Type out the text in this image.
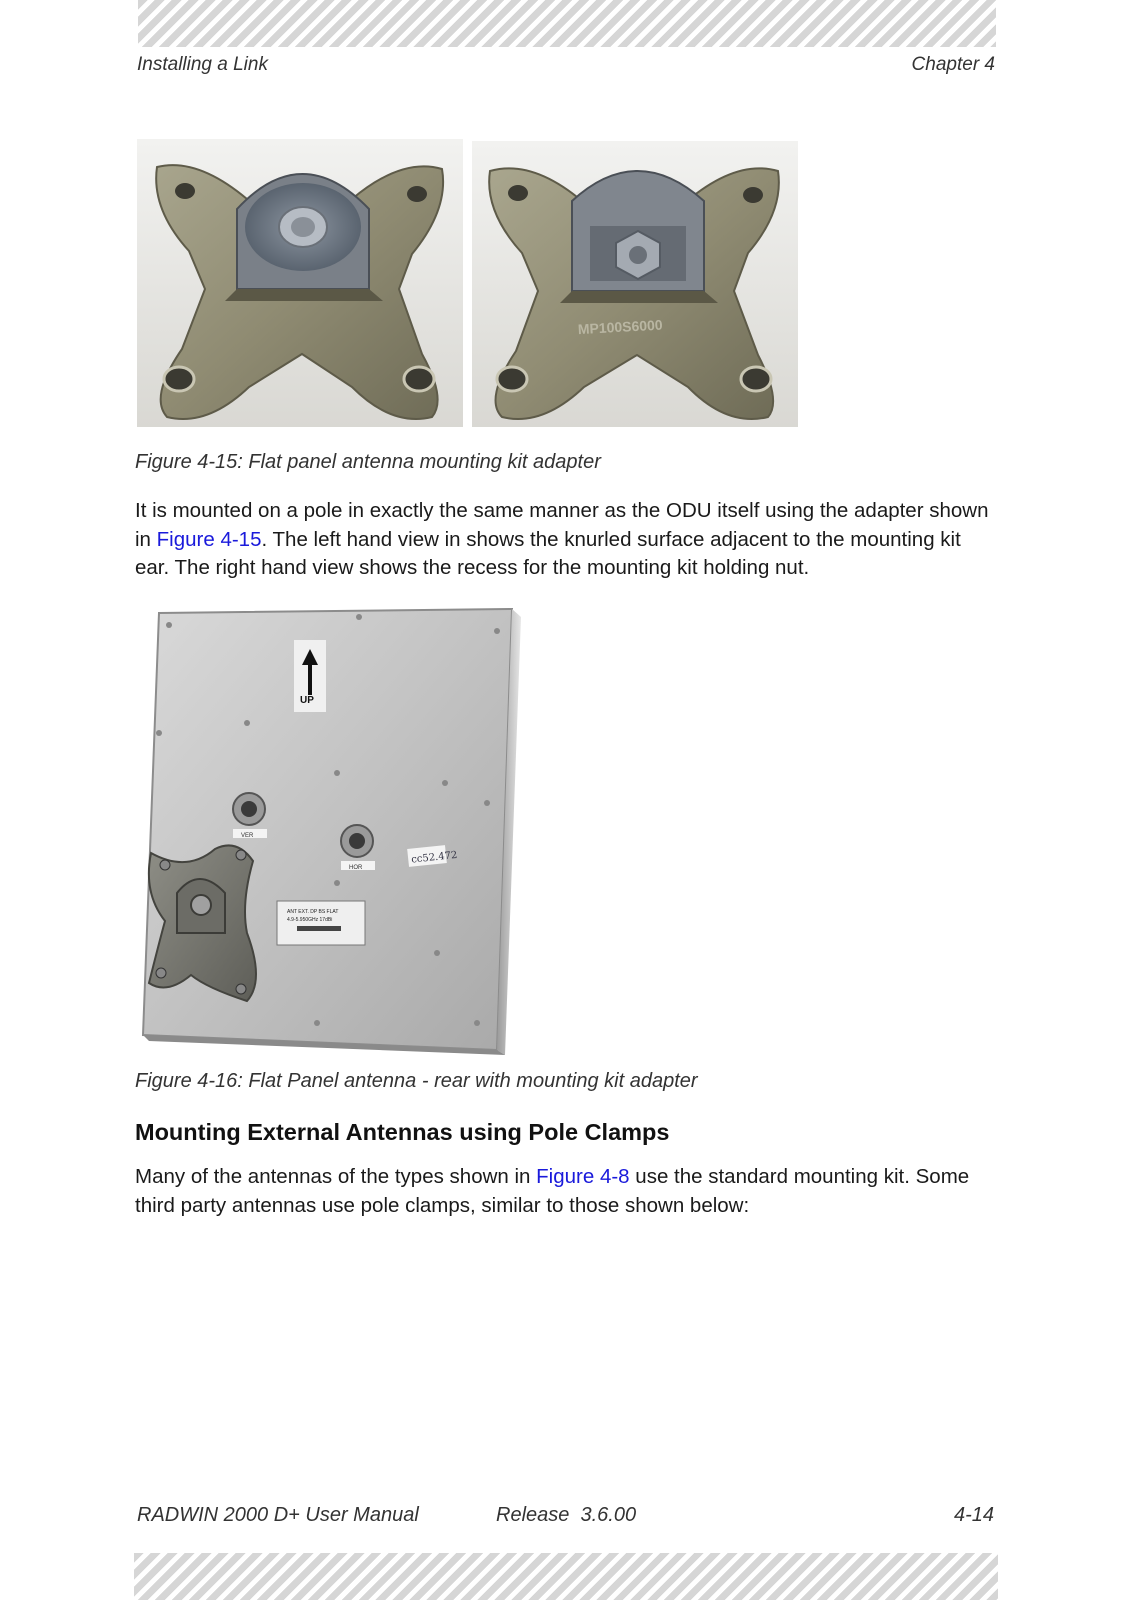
Installing a Link	Chapter 4
MP100S6000
Figure 4-15: Flat panel antenna mounting kit adapter

It is mounted on a pole in exactly the same manner as the ODU itself using the adapter shown in Figure 4-15. The left hand view in shows the knurled surface adjacent to the mounting kit ear. The right hand view shows the recess for the mounting kit holding nut.

UP
VER
HOR
cc52.472
ANT EXT. DP BS FLAT
4.9-5.950GHz 17dBi
Figure 4-16: Flat Panel antenna - rear with mounting kit adapter
Mounting External Antennas using Pole Clamps

Many of the antennas of the types shown in Figure 4-8 use the standard mounting kit. Some third party antennas use pole clamps, similar to those shown below:

RADWIN 2000 D+ User Manual	Release  3.6.00	4-14
